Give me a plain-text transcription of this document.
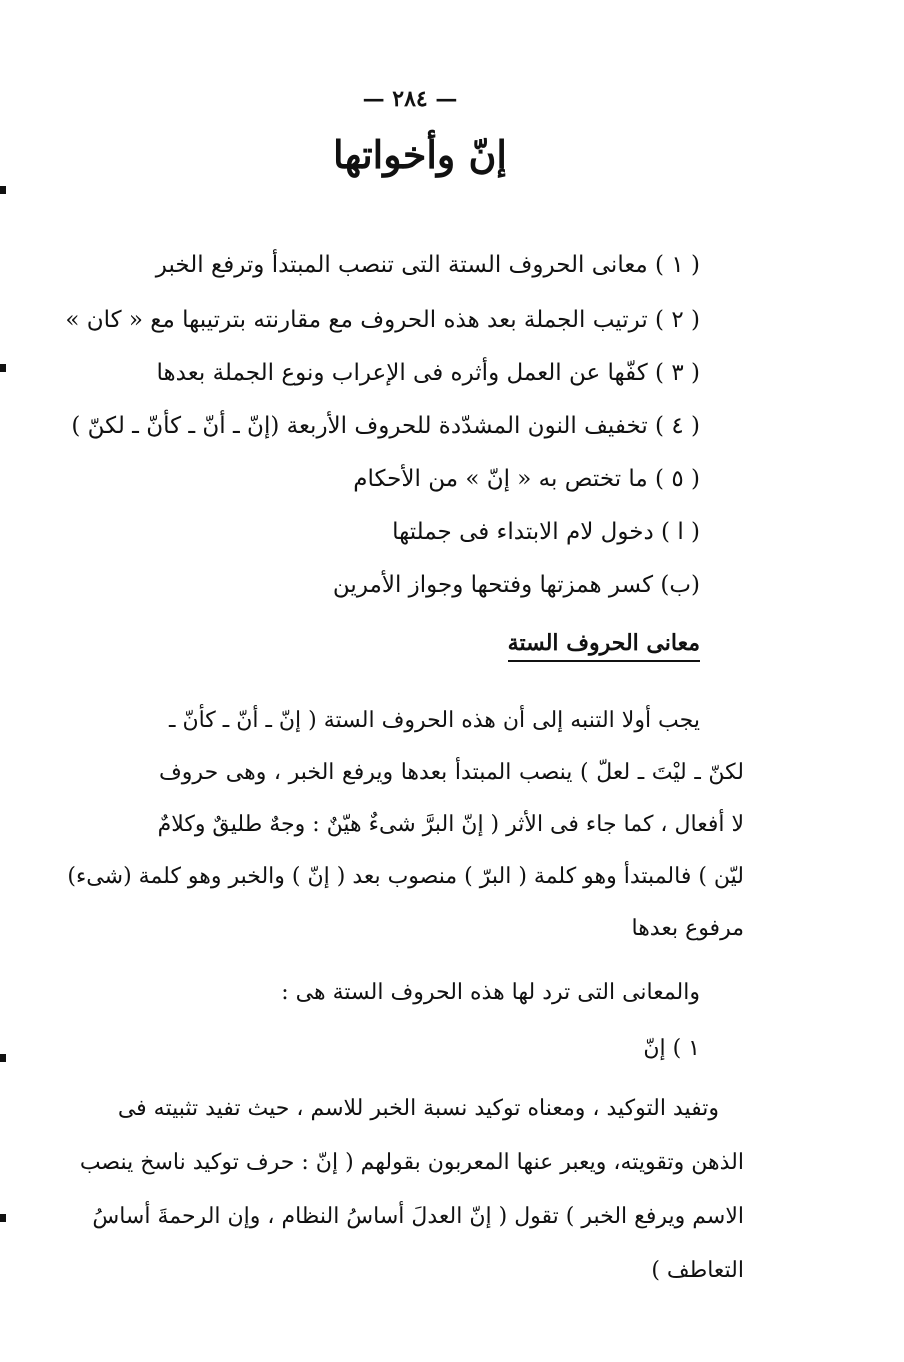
— ٢٨٤ —
إنّ وأخواتها
( ١ ) معانى الحروف الستة التى تنصب المبتدأ وترفع الخبر
( ٢ ) ترتيب الجملة بعد هذه الحروف مع مقارنته بترتيبها مع « كان »
( ٣ ) كفّها عن العمل وأثره فى الإعراب ونوع الجملة بعدها
( ٤ ) تخفيف النون المشدّدة للحروف الأربعة (إنّ ـ أنّ ـ كأنّ ـ لكنّ )
( ٥ ) ما تختص به « إنّ » من الأحكام
( ا ) دخول لام الابتداء فى جملتها
(ب) كسر همزتها وفتحها وجواز الأمرين
معانى الحروف الستة
يجب أولا التنبه إلى أن هذه الحروف الستة ( إنّ ـ أنّ ـ كأنّ ـ
لكنّ ـ ليْتَ ـ لعلّ ) ينصب المبتدأ بعدها ويرفع الخبر ، وهى حروف
لا أفعال ، كما جاء فى الأثر ( إنّ البرَّ شىءٌ هيّنٌ : وجهٌ طليقٌ وكلامٌ
ليّن ) فالمبتدأ وهو كلمة ( البرّ ) منصوب بعد ( إنّ ) والخبر وهو كلمة (شىء)
مرفوع بعدها
والمعانى التى ترد لها هذه الحروف الستة هى :
١ ) إنّ
وتفيد التوكيد ، ومعناه توكيد نسبة الخبر للاسم ، حيث تفيد تثبيته فى
الذهن وتقويته، ويعبر عنها المعربون بقولهم ( إنّ : حرف توكيد ناسخ ينصب
الاسم ويرفع الخبر ) تقول ( إنّ العدلَ أساسُ النظام ، وإن الرحمةَ أساسُ
التعاطف )
